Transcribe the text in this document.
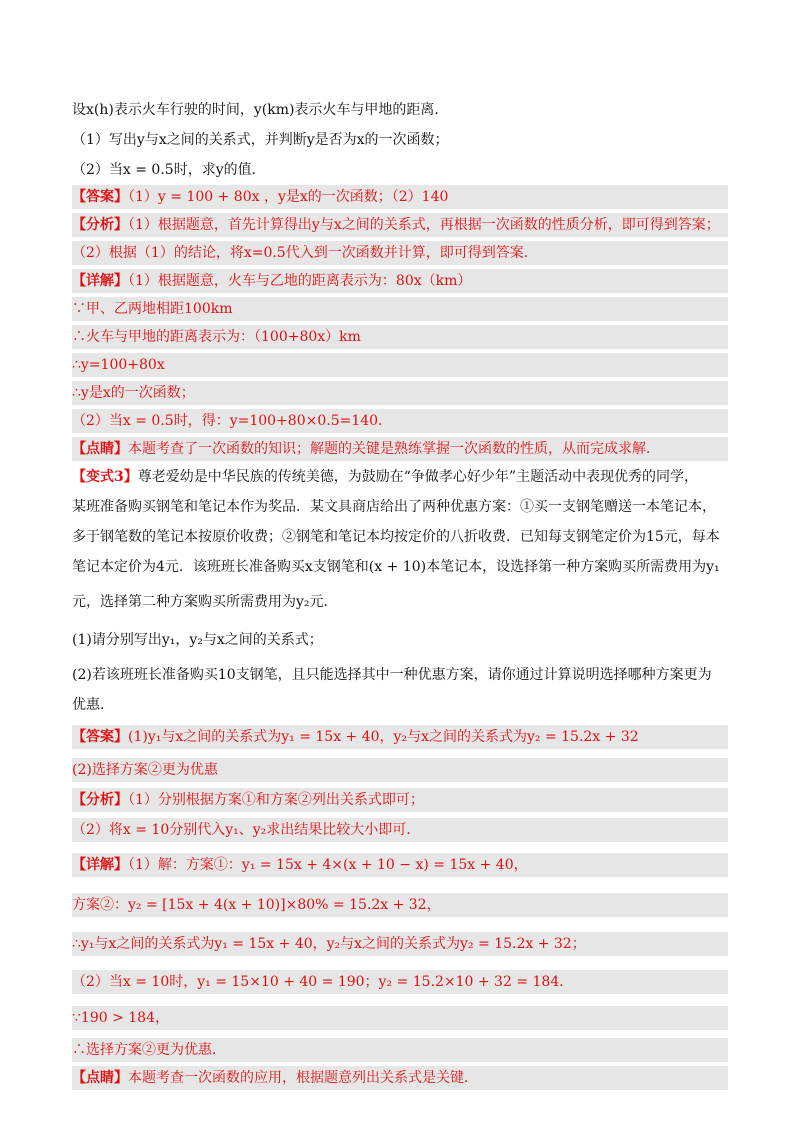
设x(h)表示火车行驶的时间，y(km)表示火车与甲地的距离．
（1）写出y与x之间的关系式，并判断y是否为x的一次函数；
（2）当x = 0.5时，求y的值．
【答案】（1）y = 100 + 80x ，y是x的一次函数；（2）140
【分析】（1）根据题意，首先计算得出y与x之间的关系式，再根据一次函数的性质分析，即可得到答案；
（2）根据（1）的结论，将x=0.5代入到一次函数并计算，即可得到答案．
【详解】（1）根据题意，火车与乙地的距离表示为：80x（km）
∵甲、乙两地相距100km
∴火车与甲地的距离表示为：（100+80x）km
∴y=100+80x
∴y是x的一次函数；
（2）当x = 0.5时，得：y=100+80×0.5=140．
【点睛】本题考查了一次函数的知识；解题的关键是熟练掌握一次函数的性质，从而完成求解．
【变式3】尊老爱幼是中华民族的传统美德，为鼓励在“争做孝心好少年”主题活动中表现优秀的同学，
某班准备购买钢笔和笔记本作为奖品．某文具商店给出了两种优惠方案：①买一支钢笔赠送一本笔记本，
多于钢笔数的笔记本按原价收费；②钢笔和笔记本均按定价的八折收费．已知每支钢笔定价为15元，每本
笔记本定价为4元．该班班长准备购买x支钢笔和(x + 10)本笔记本，设选择第一种方案购买所需费用为y₁
元，选择第二种方案购买所需费用为y₂元．
(1)请分别写出y₁，y₂与x之间的关系式；
(2)若该班班长准备购买10支钢笔，且只能选择其中一种优惠方案，请你通过计算说明选择哪种方案更为
优惠．
【答案】(1)y₁与x之间的关系式为y₁ = 15x + 40，y₂与x之间的关系式为y₂ = 15.2x + 32
(2)选择方案②更为优惠
【分析】（1）分别根据方案①和方案②列出关系式即可；
（2）将x = 10分别代入y₁、y₂求出结果比较大小即可．
【详解】（1）解：方案①：y₁ = 15x + 4×(x + 10 − x) = 15x + 40，
方案②：y₂ = [15x + 4(x + 10)]×80% = 15.2x + 32，
∴y₁与x之间的关系式为y₁ = 15x + 40，y₂与x之间的关系式为y₂ = 15.2x + 32；
（2）当x = 10时，y₁ = 15×10 + 40 = 190；y₂ = 15.2×10 + 32 = 184．
∵190 > 184，
∴选择方案②更为优惠．
【点睛】本题考查一次函数的应用，根据题意列出关系式是关键．
